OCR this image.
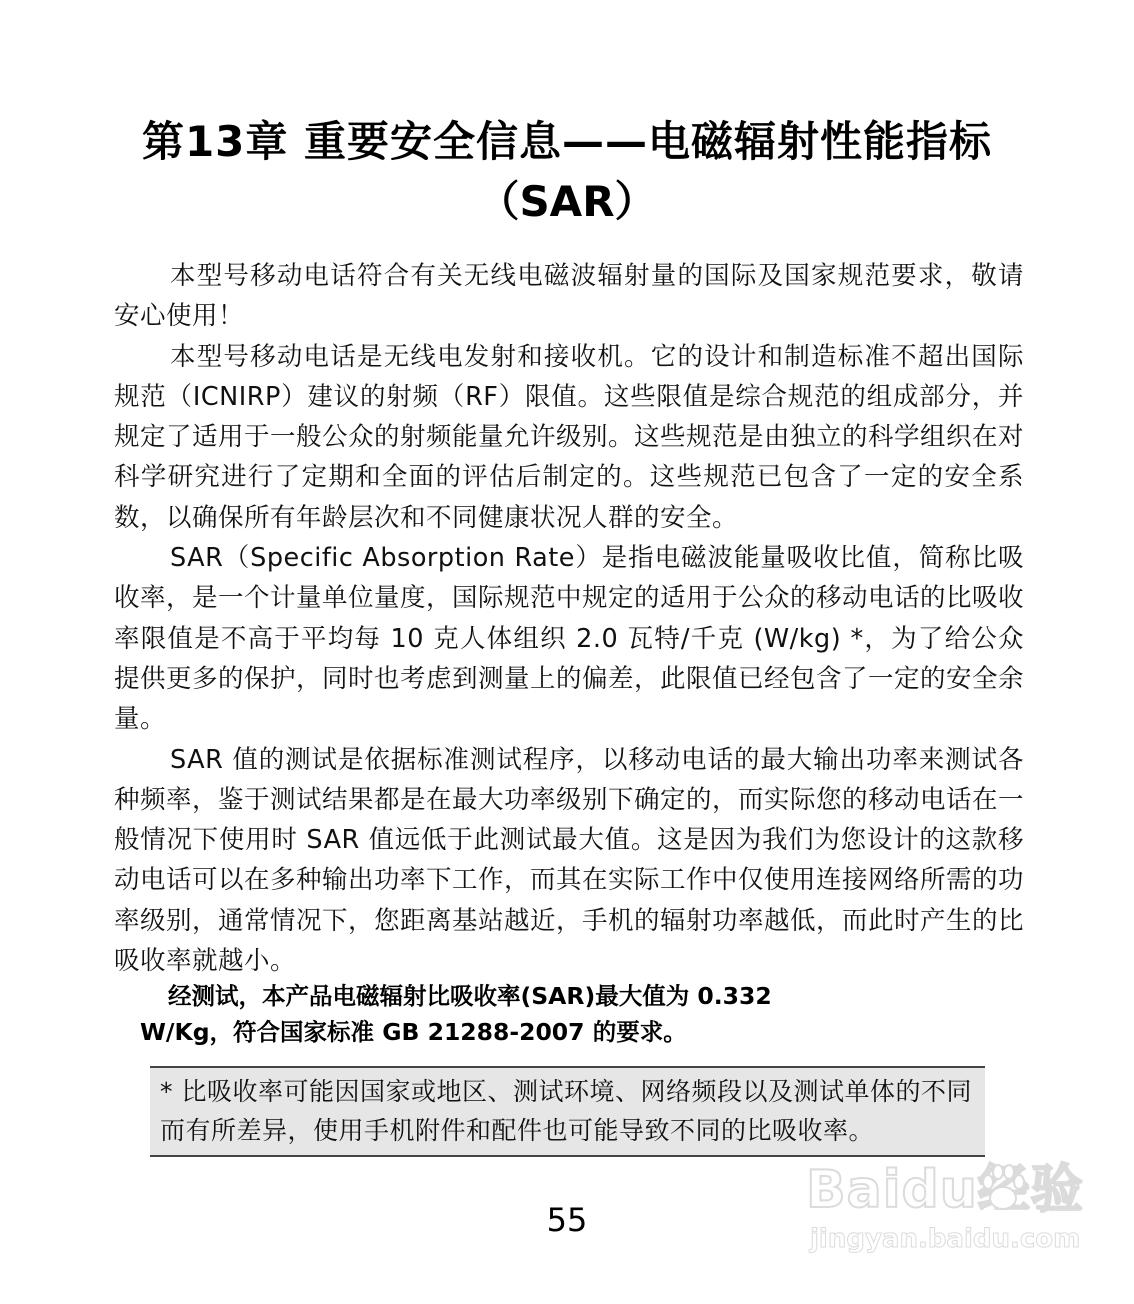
第13章 重要安全信息——电磁辐射性能指标
（SAR）

本型号移动电话符合有关无线电磁波辐射量的国际及国家规范要求，敬请安心使用！

本型号移动电话是无线电发射和接收机。它的设计和制造标准不超出国际规范（ICNIRP）建议的射频（RF）限值。这些限值是综合规范的组成部分，并规定了适用于一般公众的射频能量允许级别。这些规范是由独立的科学组织在对科学研究进行了定期和全面的评估后制定的。这些规范已包含了一定的安全系数，以确保所有年龄层次和不同健康状况人群的安全。

SAR（Specific Absorption Rate）是指电磁波能量吸收比值，简称比吸收率，是一个计量单位量度，国际规范中规定的适用于公众的移动电话的比吸收率限值是不高于平均每 10 克人体组织 2.0 瓦特/千克 (W/kg) *，为了给公众提供更多的保护，同时也考虑到测量上的偏差，此限值已经包含了一定的安全余量。

SAR 值的测试是依据标准测试程序，以移动电话的最大输出功率来测试各种频率，鉴于测试结果都是在最大功率级别下确定的，而实际您的移动电话在一般情况下使用时 SAR 值远低于此测试最大值。这是因为我们为您设计的这款移动电话可以在多种输出功率下工作，而其在实际工作中仅使用连接网络所需的功率级别，通常情况下，您距离基站越近，手机的辐射功率越低，而此时产生的比吸收率就越小。

经测试，本产品电磁辐射比吸收率(SAR)最大值为 0.332
W/Kg，符合国家标准 GB 21288-2007 的要求。
* 比吸收率可能因国家或地区、测试环境、网络频段以及测试单体的不同而有所差异，使用手机附件和配件也可能导致不同的比吸收率。
55	Baidu经验
jingyan.baidu.com
